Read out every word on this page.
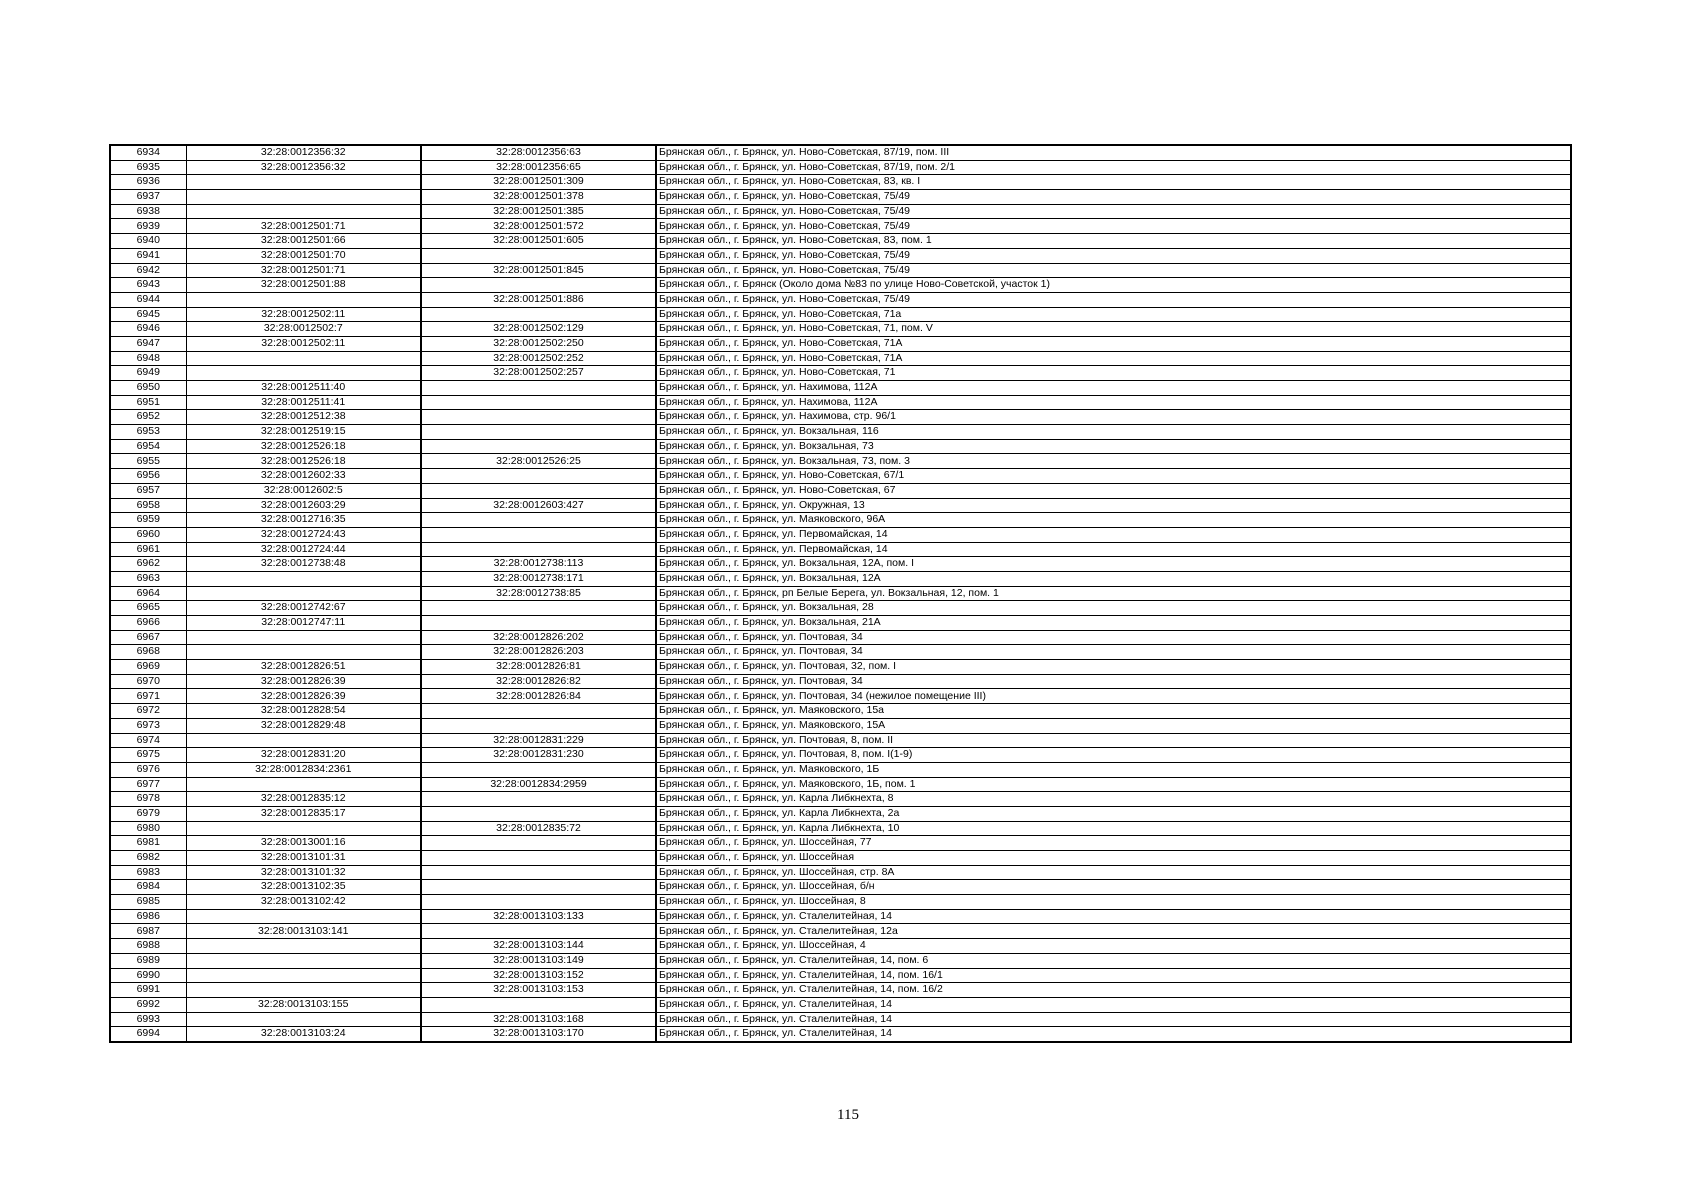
6934	32:28:0012356:32	32:28:0012356:63	Брянская обл., г. Брянск, ул. Ново-Советская, 87/19, пом. III
6935	32:28:0012356:32	32:28:0012356:65	Брянская обл., г. Брянск, ул. Ново-Советская, 87/19, пом. 2/1
6936		32:28:0012501:309	Брянская обл., г. Брянск, ул. Ново-Советская, 83, кв. I
6937		32:28:0012501:378	Брянская обл., г. Брянск, ул. Ново-Советская, 75/49
6938		32:28:0012501:385	Брянская обл., г. Брянск, ул. Ново-Советская, 75/49
6939	32:28:0012501:71	32:28:0012501:572	Брянская обл., г. Брянск, ул. Ново-Советская, 75/49
6940	32:28:0012501:66	32:28:0012501:605	Брянская обл., г. Брянск, ул. Ново-Советская, 83, пом. 1
6941	32:28:0012501:70		Брянская обл., г. Брянск, ул. Ново-Советская, 75/49
6942	32:28:0012501:71	32:28:0012501:845	Брянская обл., г. Брянск, ул. Ново-Советская, 75/49
6943	32:28:0012501:88		Брянская обл., г. Брянск (Около дома №83 по улице Ново-Советской, участок 1)
6944		32:28:0012501:886	Брянская обл., г. Брянск, ул. Ново-Советская, 75/49
6945	32:28:0012502:11		Брянская обл., г. Брянск, ул. Ново-Советская, 71а
6946	32:28:0012502:7	32:28:0012502:129	Брянская обл., г. Брянск, ул. Ново-Советская, 71, пом. V
6947	32:28:0012502:11	32:28:0012502:250	Брянская обл., г. Брянск, ул. Ново-Советская, 71А
6948		32:28:0012502:252	Брянская обл., г. Брянск, ул. Ново-Советская, 71А
6949		32:28:0012502:257	Брянская обл., г. Брянск, ул. Ново-Советская, 71
6950	32:28:0012511:40		Брянская обл., г. Брянск, ул. Нахимова, 112А
6951	32:28:0012511:41		Брянская обл., г. Брянск, ул. Нахимова, 112А
6952	32:28:0012512:38		Брянская обл., г. Брянск, ул. Нахимова, стр. 96/1
6953	32:28:0012519:15		Брянская обл., г. Брянск, ул. Вокзальная, 116
6954	32:28:0012526:18		Брянская обл., г. Брянск, ул. Вокзальная, 73
6955	32:28:0012526:18	32:28:0012526:25	Брянская обл., г. Брянск, ул. Вокзальная, 73, пом. 3
6956	32:28:0012602:33		Брянская обл., г. Брянск, ул. Ново-Советская, 67/1
6957	32:28:0012602:5		Брянская обл., г. Брянск, ул. Ново-Советская, 67
6958	32:28:0012603:29	32:28:0012603:427	Брянская обл., г. Брянск, ул. Окружная, 13
6959	32:28:0012716:35		Брянская обл., г. Брянск, ул. Маяковского, 96А
6960	32:28:0012724:43		Брянская обл., г. Брянск, ул. Первомайская, 14
6961	32:28:0012724:44		Брянская обл., г. Брянск, ул. Первомайская, 14
6962	32:28:0012738:48	32:28:0012738:113	Брянская обл., г. Брянск, ул. Вокзальная, 12А, пом. I
6963		32:28:0012738:171	Брянская обл., г. Брянск, ул. Вокзальная, 12А
6964		32:28:0012738:85	Брянская обл., г. Брянск, рп Белые Берега, ул. Вокзальная, 12, пом. 1
6965	32:28:0012742:67		Брянская обл., г. Брянск, ул. Вокзальная, 28
6966	32:28:0012747:11		Брянская обл., г. Брянск, ул. Вокзальная, 21А
6967		32:28:0012826:202	Брянская обл., г. Брянск, ул. Почтовая, 34
6968		32:28:0012826:203	Брянская обл., г. Брянск, ул. Почтовая, 34
6969	32:28:0012826:51	32:28:0012826:81	Брянская обл., г. Брянск, ул. Почтовая, 32, пом. I
6970	32:28:0012826:39	32:28:0012826:82	Брянская обл., г. Брянск, ул. Почтовая, 34
6971	32:28:0012826:39	32:28:0012826:84	Брянская обл., г. Брянск, ул. Почтовая, 34 (нежилое помещение III)
6972	32:28:0012828:54		Брянская обл., г. Брянск, ул. Маяковского, 15а
6973	32:28:0012829:48		Брянская обл., г. Брянск, ул. Маяковского, 15А
6974		32:28:0012831:229	Брянская обл., г. Брянск, ул. Почтовая, 8, пом. II
6975	32:28:0012831:20	32:28:0012831:230	Брянская обл., г. Брянск, ул. Почтовая, 8, пом. I(1-9)
6976	32:28:0012834:2361		Брянская обл., г. Брянск, ул. Маяковского, 1Б
6977		32:28:0012834:2959	Брянская обл., г. Брянск, ул. Маяковского, 1Б, пом. 1
6978	32:28:0012835:12		Брянская обл., г. Брянск, ул. Карла Либкнехта, 8
6979	32:28:0012835:17		Брянская обл., г. Брянск, ул. Карла Либкнехта, 2а
6980		32:28:0012835:72	Брянская обл., г. Брянск, ул. Карла Либкнехта, 10
6981	32:28:0013001:16		Брянская обл., г. Брянск, ул. Шоссейная, 77
6982	32:28:0013101:31		Брянская обл., г. Брянск, ул. Шоссейная
6983	32:28:0013101:32		Брянская обл., г. Брянск, ул. Шоссейная, стр. 8А
6984	32:28:0013102:35		Брянская обл., г. Брянск, ул. Шоссейная, б/н
6985	32:28:0013102:42		Брянская обл., г. Брянск, ул. Шоссейная, 8
6986		32:28:0013103:133	Брянская обл., г. Брянск, ул. Сталелитейная, 14
6987	32:28:0013103:141		Брянская обл., г. Брянск, ул. Сталелитейная, 12а
6988		32:28:0013103:144	Брянская обл., г. Брянск, ул. Шоссейная, 4
6989		32:28:0013103:149	Брянская обл., г. Брянск, ул. Сталелитейная, 14, пом. 6
6990		32:28:0013103:152	Брянская обл., г. Брянск, ул. Сталелитейная, 14, пом. 16/1
6991		32:28:0013103:153	Брянская обл., г. Брянск, ул. Сталелитейная, 14, пом. 16/2
6992	32:28:0013103:155		Брянская обл., г. Брянск, ул. Сталелитейная, 14
6993		32:28:0013103:168	Брянская обл., г. Брянск, ул. Сталелитейная, 14
6994	32:28:0013103:24	32:28:0013103:170	Брянская обл., г. Брянск, ул. Сталелитейная, 14
115
